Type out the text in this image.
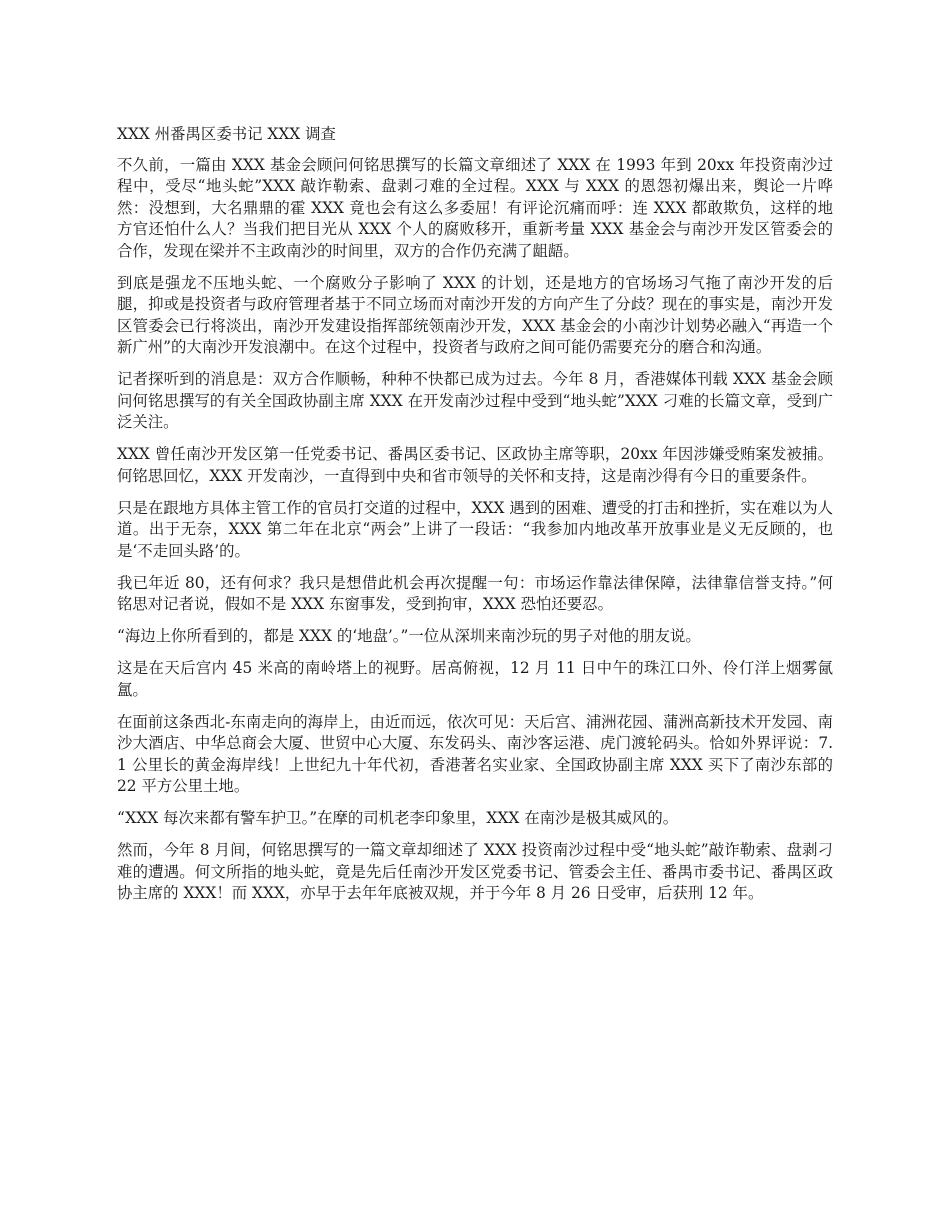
XXX 州番禺区委书记 XXX 调查

不久前，一篇由 XXX 基金会顾问何铭思撰写的长篇文章细述了 XXX 在 1993 年到 20xx 年投资南沙过程中，受尽“地头蛇”XXX 敲诈勒索、盘剥刁难的全过程。XXX 与 XXX 的恩怨初爆出来，舆论一片哗然：没想到，大名鼎鼎的霍 XXX 竟也会有这么多委屈！有评论沉痛而呼：连 XXX 都敢欺负，这样的地方官还怕什么人？当我们把目光从 XXX 个人的腐败移开，重新考量 XXX 基金会与南沙开发区管委会的合作，发现在梁并不主政南沙的时间里，双方的合作仍充满了龃龉。

到底是强龙不压地头蛇、一个腐败分子影响了 XXX 的计划，还是地方的官场场习气拖了南沙开发的后腿，抑或是投资者与政府管理者基于不同立场而对南沙开发的方向产生了分歧？现在的事实是，南沙开发区管委会已行将淡出，南沙开发建设指挥部统领南沙开发，XXX 基金会的小南沙计划势必融入“再造一个新广州”的大南沙开发浪潮中。在这个过程中，投资者与政府之间可能仍需要充分的磨合和沟通。

记者探听到的消息是：双方合作顺畅，种种不快都已成为过去。今年 8 月，香港媒体刊载 XXX 基金会顾问何铭思撰写的有关全国政协副主席 XXX 在开发南沙过程中受到“地头蛇”XXX 刁难的长篇文章，受到广泛关注。

XXX 曾任南沙开发区第一任党委书记、番禺区委书记、区政协主席等职，20xx 年因涉嫌受贿案发被捕。何铭思回忆，XXX 开发南沙，一直得到中央和省市领导的关怀和支持，这是南沙得有今日的重要条件。

只是在跟地方具体主管工作的官员打交道的过程中，XXX 遇到的困难、遭受的打击和挫折，实在难以为人道。出于无奈，XXX 第二年在北京“两会”上讲了一段话：“我参加内地改革开放事业是义无反顾的，也是‘不走回头路’的。

我已年近 80，还有何求？我只是想借此机会再次提醒一句：市场运作靠法律保障，法律靠信誉支持。”何铭思对记者说，假如不是 XXX 东窗事发，受到拘审，XXX 恐怕还要忍。

“海边上你所看到的，都是 XXX 的‘地盘’。”一位从深圳来南沙玩的男子对他的朋友说。

这是在天后宫内 45 米高的南岭塔上的视野。居高俯视，12 月 11 日中午的珠江口外、伶仃洋上烟雾氤氲。

在面前这条西北-东南走向的海岸上，由近而远，依次可见：天后宫、浦洲花园、蒲洲高新技术开发园、南沙大酒店、中华总商会大厦、世贸中心大厦、东发码头、南沙客运港、虎门渡轮码头。恰如外界评说：7.1 公里长的黄金海岸线！上世纪九十年代初，香港著名实业家、全国政协副主席 XXX 买下了南沙东部的 22 平方公里土地。

“XXX 每次来都有警车护卫。”在摩的司机老李印象里，XXX 在南沙是极其威风的。

然而，今年 8 月间，何铭思撰写的一篇文章却细述了 XXX 投资南沙过程中受“地头蛇”敲诈勒索、盘剥刁难的遭遇。何文所指的地头蛇，竟是先后任南沙开发区党委书记、管委会主任、番禺市委书记、番禺区政协主席的 XXX！而 XXX，亦早于去年年底被双规，并于今年 8 月 26 日受审，后获刑 12 年。
